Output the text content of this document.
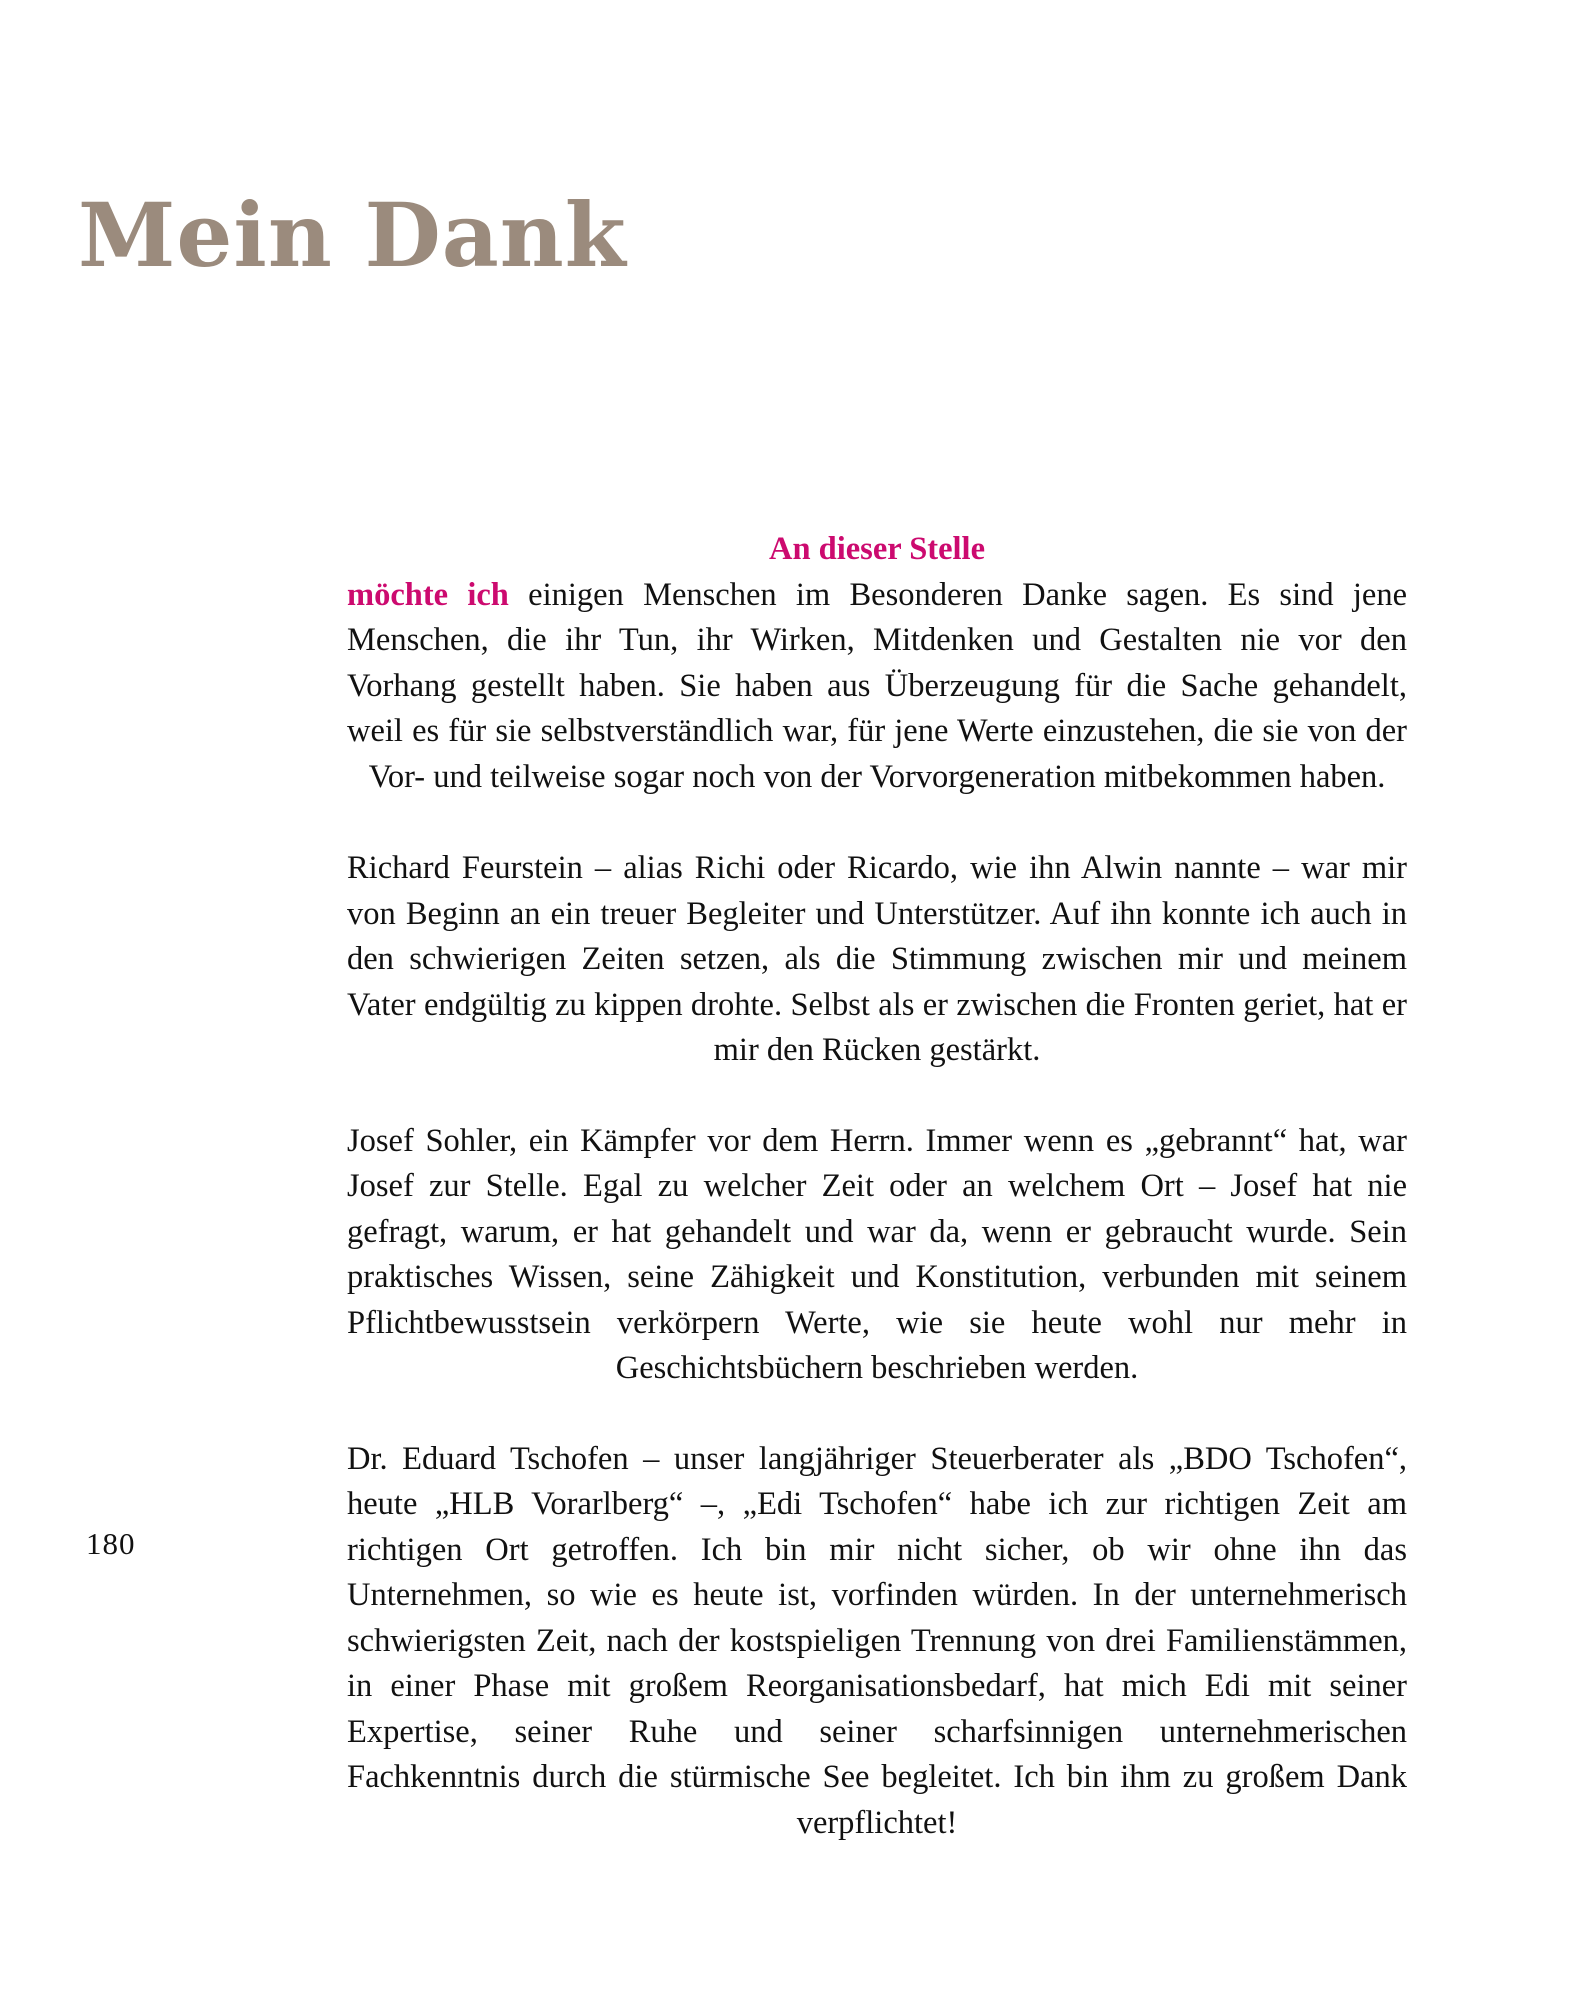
Mein Dank
180

An dieser Stelle
möchte ich einigen Menschen im Besonderen Danke sagen. Es sind jene Menschen, die ihr Tun, ihr Wirken, Mitdenken und Gestalten nie vor den Vorhang gestellt haben. Sie haben aus Überzeugung für die Sache gehandelt, weil es für sie selbstverständlich war, für jene Werte einzustehen, die sie von der Vor- und teilweise sogar noch von der Vorvorgeneration mitbekommen haben.

Richard Feurstein – alias Richi oder Ricardo, wie ihn Alwin nannte – war mir von Beginn an ein treuer Begleiter und Unterstützer. Auf ihn konnte ich auch in den schwierigen Zeiten setzen, als die Stimmung zwischen mir und meinem Vater endgültig zu kippen drohte. Selbst als er zwischen die Fronten geriet, hat er mir den Rücken gestärkt.

Josef Sohler, ein Kämpfer vor dem Herrn. Immer wenn es „gebrannt“ hat, war Josef zur Stelle. Egal zu welcher Zeit oder an welchem Ort – Josef hat nie gefragt, warum, er hat gehandelt und war da, wenn er gebraucht wurde. Sein praktisches Wissen, seine Zähigkeit und Konstitution, verbunden mit seinem Pflichtbewusstsein verkörpern Werte, wie sie heute wohl nur mehr in Geschichtsbüchern beschrieben werden.

Dr. Eduard Tschofen – unser langjähriger Steuerberater als „BDO Tschofen“, heute „HLB Vorarlberg“ –, „Edi Tschofen“ habe ich zur richtigen Zeit am richtigen Ort getroffen. Ich bin mir nicht sicher, ob wir ohne ihn das Unternehmen, so wie es heute ist, vorfinden würden. In der unternehmerisch schwierigsten Zeit, nach der kostspieligen Trennung von drei Familienstämmen, in einer Phase mit großem Reorganisationsbedarf, hat mich Edi mit seiner Expertise, seiner Ruhe und seiner scharfsinnigen unternehmerischen Fachkenntnis durch die stürmische See begleitet. Ich bin ihm zu großem Dank verpflichtet!
